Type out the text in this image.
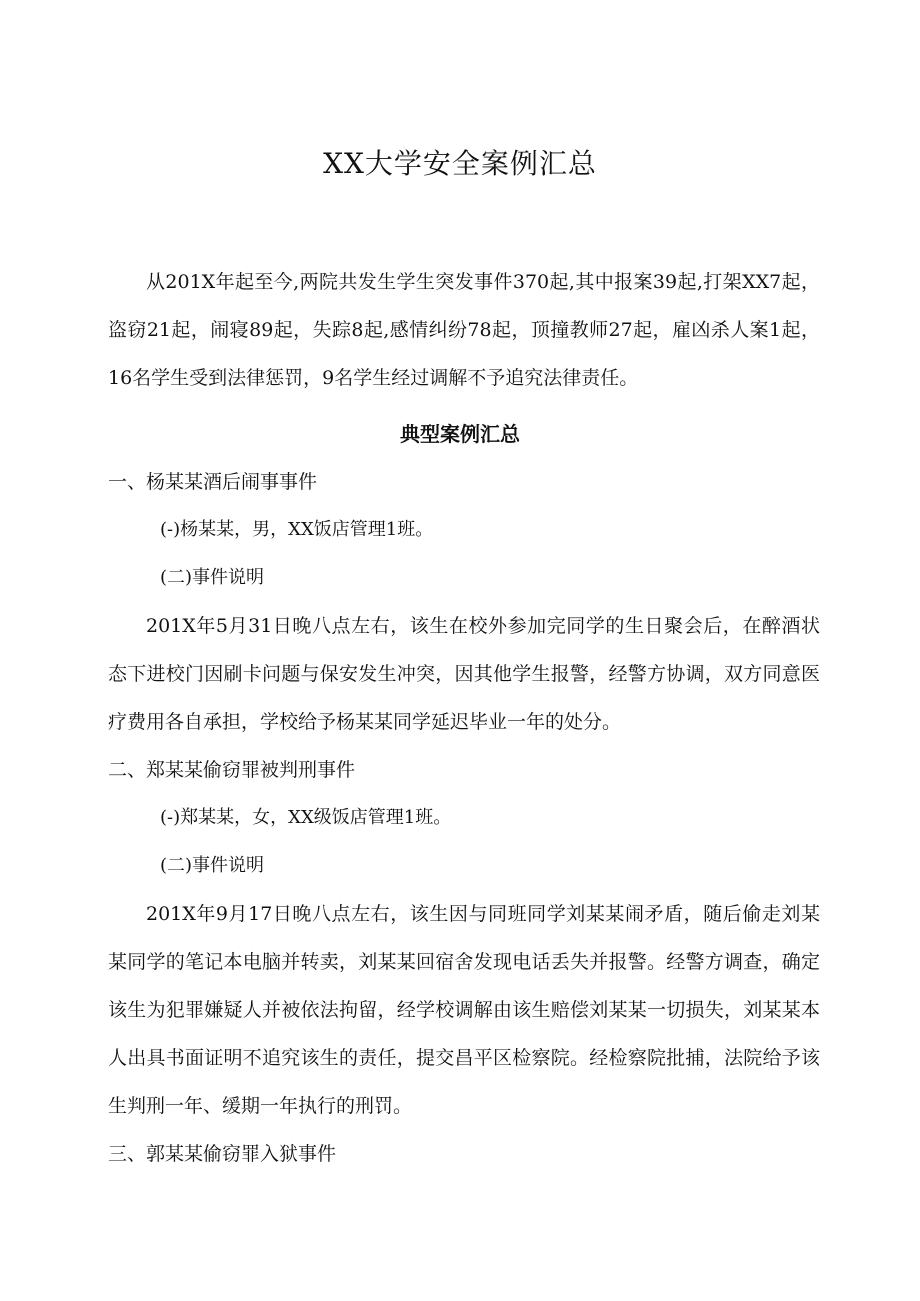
XX大学安全案例汇总

从201X年起至今,两院共发生学生突发事件370起,其中报案39起,打架XX7起，盗窃21起，闹寝89起，失踪8起,感情纠纷78起，顶撞教师27起，雇凶杀人案1起，16名学生受到法律惩罚，9名学生经过调解不予追究法律责任。

典型案例汇总

一、杨某某酒后闹事事件

(-)杨某某，男，XX饭店管理1班。

(二)事件说明

201X年5月31日晚八点左右，该生在校外参加完同学的生日聚会后，在醉酒状态下进校门因刷卡问题与保安发生冲突，因其他学生报警，经警方协调，双方同意医疗费用各自承担，学校给予杨某某同学延迟毕业一年的处分。

二、郑某某偷窃罪被判刑事件

(-)郑某某，女，XX级饭店管理1班。

(二)事件说明

201X年9月17日晚八点左右，该生因与同班同学刘某某闹矛盾，随后偷走刘某某同学的笔记本电脑并转卖，刘某某回宿舍发现电话丢失并报警。经警方调查，确定该生为犯罪嫌疑人并被依法拘留，经学校调解由该生赔偿刘某某一切损失，刘某某本人出具书面证明不追究该生的责任，提交昌平区检察院。经检察院批捕，法院给予该生判刑一年、缓期一年执行的刑罚。

三、郭某某偷窃罪入狱事件
